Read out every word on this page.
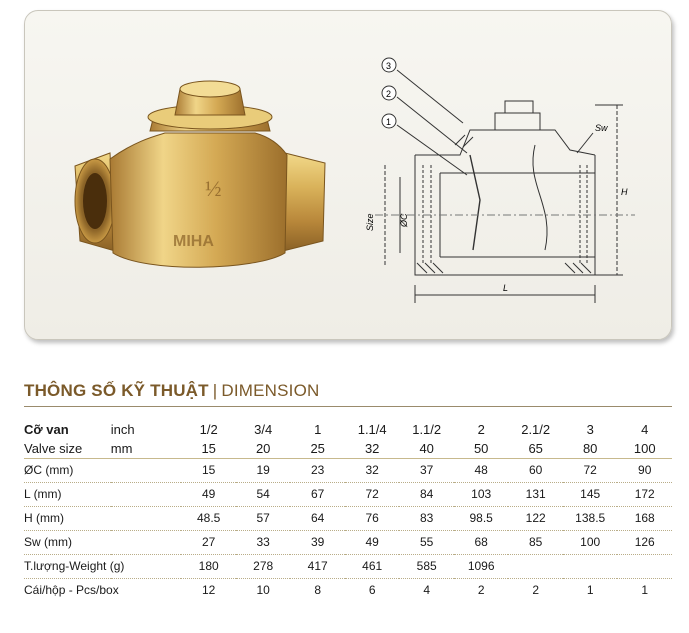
½
MIHA
3
2
1
Sw
H
Size	ØC
L
THÔNG SỐ KỸ THUẬT | DIMENSION
Cỡ van	inch	1/2	3/4	1	1.1/4	1.1/2	2	2.1/2	3	4
Valve size	mm	15	20	25	32	40	50	65	80	100
ØC (mm)		15	19	23	32	37	48	60	72	90
L (mm)		49	54	67	72	84	103	131	145	172
H (mm)		48.5	57	64	76	83	98.5	122	138.5	168
Sw (mm)		27	33	39	49	55	68	85	100	126
T.lượng-Weight (g)		180	278	417	461	585	1096			
Cái/hộp - Pcs/box		12	10	8	6	4	2	2	1	1
